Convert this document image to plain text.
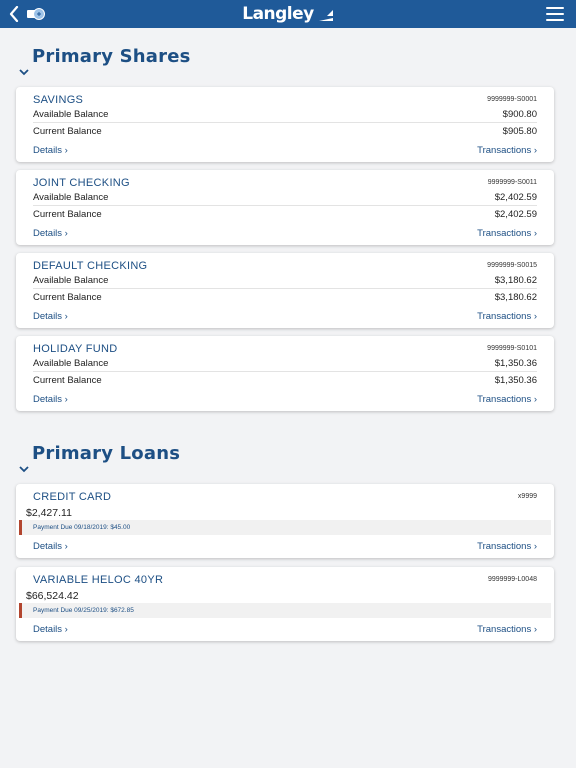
Langley
Primary Shares
SAVINGS	9999999-S0001
Available Balance	$900.80
Current Balance	$905.80
Details ›	Transactions ›
JOINT CHECKING	9999999-S0011
Available Balance	$2,402.59
Current Balance	$2,402.59
Details ›	Transactions ›
DEFAULT CHECKING	9999999-S0015
Available Balance	$3,180.62
Current Balance	$3,180.62
Details ›	Transactions ›
HOLIDAY FUND	9999999-S0101
Available Balance	$1,350.36
Current Balance	$1,350.36
Details ›	Transactions ›
Primary Loans
CREDIT CARD	x9999
$2,427.11
Payment Due 09/18/2019: $45.00
Details ›	Transactions ›
VARIABLE HELOC 40YR	9999999-L0048
$66,524.42
Payment Due 09/25/2019: $672.85
Details ›	Transactions ›
